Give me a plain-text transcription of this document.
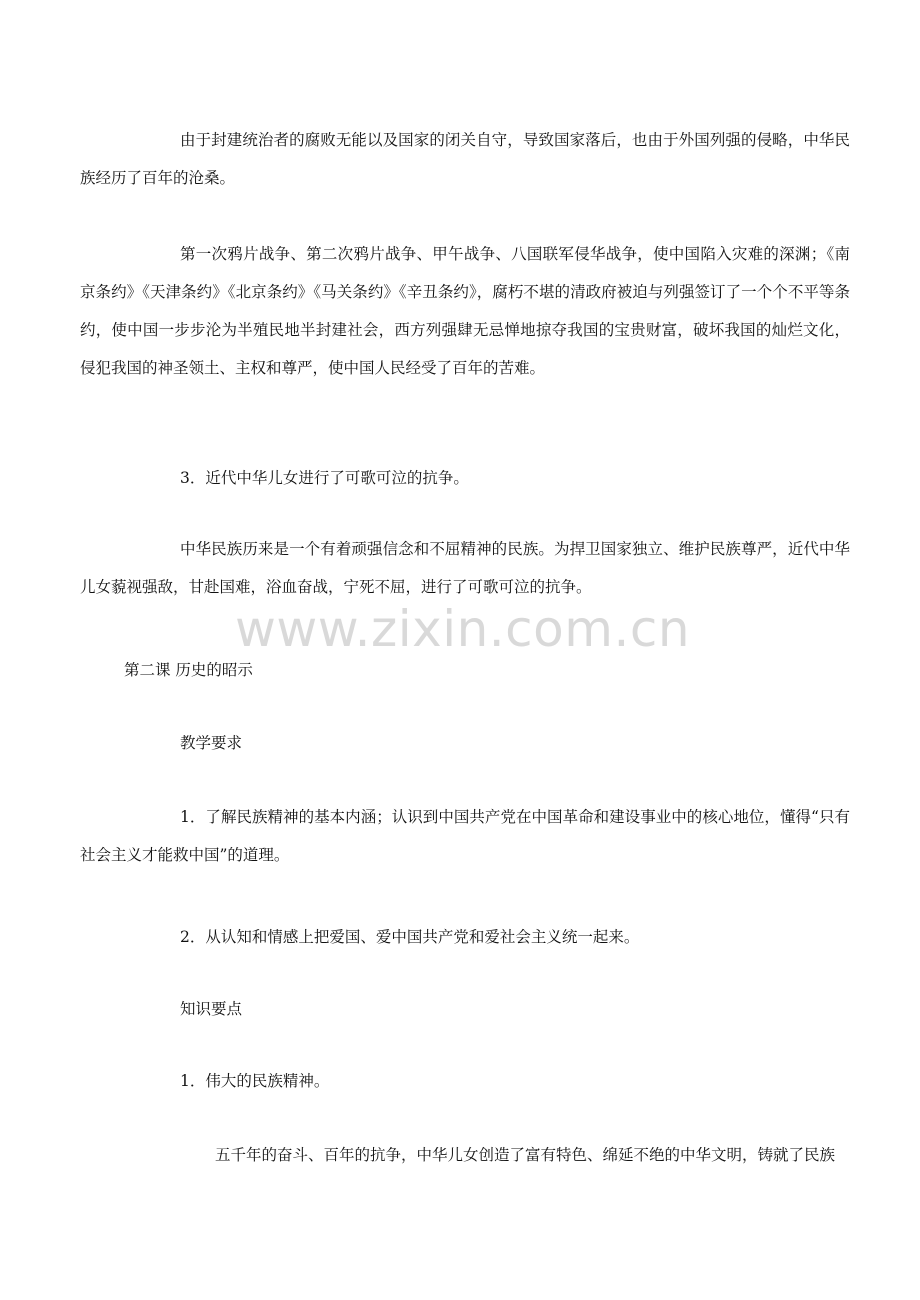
由于封建统治者的腐败无能以及国家的闭关自守，导致国家落后，也由于外国列强的侵略，中华民族经历了百年的沧桑。

第一次鸦片战争、第二次鸦片战争、甲午战争、八国联军侵华战争，使中国陷入灾难的深渊；《南京条约》《天津条约》《北京条约》《马关条约》《辛丑条约》，腐朽不堪的清政府被迫与列强签订了一个个不平等条约，使中国一步步沦为半殖民地半封建社会，西方列强肆无忌惮地掠夺我国的宝贵财富，破坏我国的灿烂文化，侵犯我国的神圣领土、主权和尊严，使中国人民经受了百年的苦难。

3．近代中华儿女进行了可歌可泣的抗争。

中华民族历来是一个有着顽强信念和不屈精神的民族。为捍卫国家独立、维护民族尊严，近代中华儿女藐视强敌，甘赴国难，浴血奋战，宁死不屈，进行了可歌可泣的抗争。

第二课 历史的昭示

教学要求

1．了解民族精神的基本内涵；认识到中国共产党在中国革命和建设事业中的核心地位，懂得“只有社会主义才能救中国”的道理。

2．从认知和情感上把爱国、爱中国共产党和爱社会主义统一起来。

知识要点

1．伟大的民族精神。

五千年的奋斗、百年的抗争，中华儿女创造了富有特色、绵延不绝的中华文明，铸就了民族

www.zixin.com.cn
